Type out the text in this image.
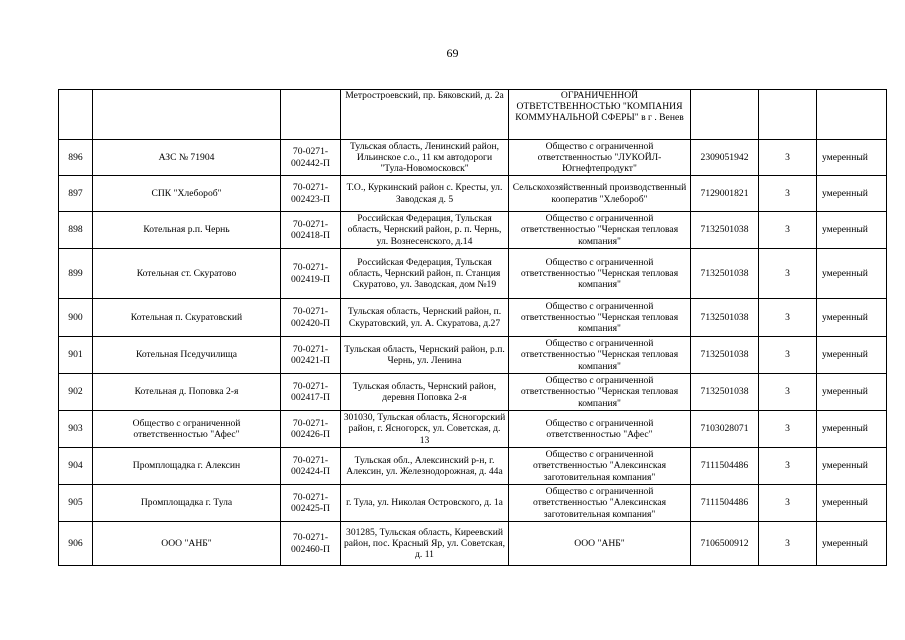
69
			Метростроевский, пр. Бяковский, д. 2а	ОГРАНИЧЕННОЙ ОТВЕТСТВЕННОСТЬЮ "КОМПАНИЯ КОММУНАЛЬНОЙ СФЕРЫ" в г . Венев			
896	АЗС № 71904	70-0271-002442-П	Тульская область, Ленинский район, Ильинское с.о., 11 км автодороги "Тула-Новомосковск"	Общество с ограниченной ответственностью "ЛУКОЙЛ-Югнефтепродукт"	2309051942	3	умеренный
897	СПК "Хлебороб"	70-0271-002423-П	Т.О., Куркинский район с. Кресты, ул. Заводская д. 5	Сельскохозяйственный производственный кооператив "Хлебороб"	7129001821	3	умеренный
898	Котельная р.п. Чернь	70-0271-002418-П	Российская Федерация, Тульская область, Чернский район, р. п. Чернь, ул. Вознесенского, д.14	Общество с ограниченной ответственностью "Чернская тепловая компания"	7132501038	3	умеренный
899	Котельная ст. Скуратово	70-0271-002419-П	Российская Федерация, Тульская область, Чернский район, п. Станция Скуратово, ул. Заводская, дом №19	Общество с ограниченной ответственностью "Чернская тепловая компания"	7132501038	3	умеренный
900	Котельная п. Скуратовский	70-0271-002420-П	Тульская область, Чернский район, п. Скуратовский, ул. А. Скуратова, д.27	Общество с ограниченной ответственностью "Чернская тепловая компания"	7132501038	3	умеренный
901	Котельная Пседучилища	70-0271-002421-П	Тульская область, Чернский район, р.п. Чернь, ул. Ленина	Общество с ограниченной ответственностью "Чернская тепловая компания"	7132501038	3	умеренный
902	Котельная д. Поповка 2-я	70-0271-002417-П	Тульская область, Чернский район, деревня Поповка 2-я	Общество с ограниченной ответственностью "Чернская тепловая компания"	7132501038	3	умеренный
903	Общество с ограниченной ответственностью "Афес"	70-0271-002426-П	301030, Тульская область, Ясногорский район, г. Ясногорск, ул. Советская, д. 13	Общество с ограниченной ответственностью "Афес"	7103028071	3	умеренный
904	Промплощадка г. Алексин	70-0271-002424-П	Тульская обл., Алексинский р-н, г. Алексин, ул. Железнодорожная, д. 44а	Общество с ограниченной ответственностью "Алексинская заготовительная компания"	7111504486	3	умеренный
905	Промплощадка г. Тула	70-0271-002425-П	г. Тула, ул. Николая Островского, д. 1а	Общество с ограниченной ответственностью "Алексинская заготовительная компания"	7111504486	3	умеренный
906	ООО "АНБ"	70-0271-002460-П	301285, Тульская область, Киреевский район, пос. Красный Яр, ул. Советская, д. 11	ООО "АНБ"	7106500912	3	умеренный
